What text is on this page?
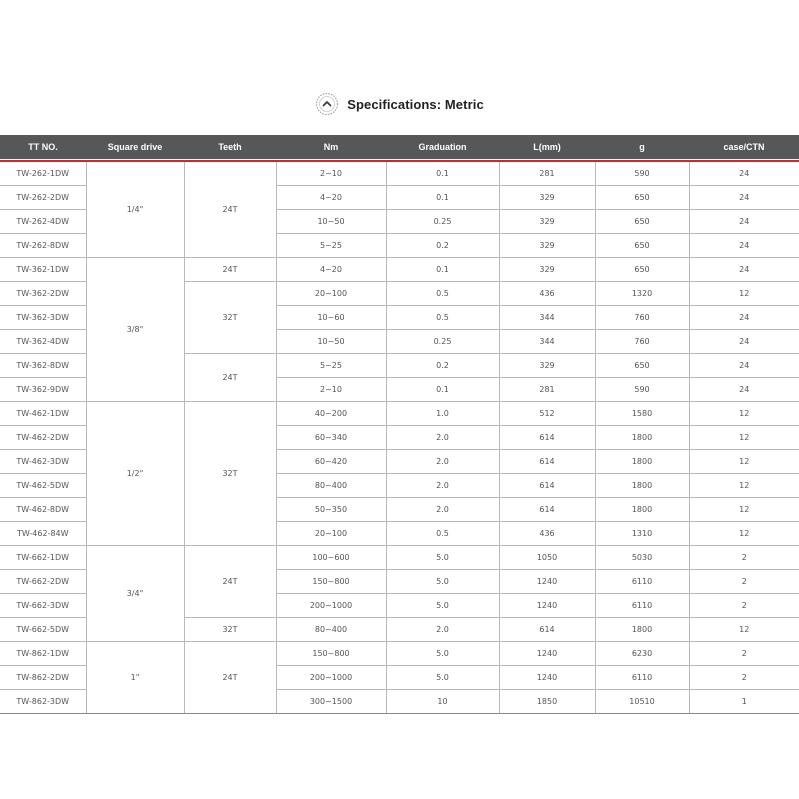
Specifications: Metric
TT NO.	Square drive	Teeth	Nm	Graduation	L(mm)	g	case/CTN

TW-262-1DW	1/4"	24T	2~10	0.1	281	590	24
TW-262-2DW			4~20	0.1	329	650	24
TW-262-4DW			10~50	0.25	329	650	24
TW-262-8DW			5~25	0.2	329	650	24
TW-362-1DW	3/8"	24T	4~20	0.1	329	650	24
TW-362-2DW		32T	20~100	0.5	436	1320	12
TW-362-3DW			10~60	0.5	344	760	24
TW-362-4DW			10~50	0.25	344	760	24
TW-362-8DW		24T	5~25	0.2	329	650	24
TW-362-9DW			2~10	0.1	281	590	24
TW-462-1DW	1/2"	32T	40~200	1.0	512	1580	12
TW-462-2DW			60~340	2.0	614	1800	12
TW-462-3DW			60~420	2.0	614	1800	12
TW-462-5DW			80~400	2.0	614	1800	12
TW-462-8DW			50~350	2.0	614	1800	12
TW-462-84W			20~100	0.5	436	1310	12
TW-662-1DW	3/4"	24T	100~600	5.0	1050	5030	2
TW-662-2DW			150~800	5.0	1240	6110	2
TW-662-3DW			200~1000	5.0	1240	6110	2
TW-662-5DW		32T	80~400	2.0	614	1800	12
TW-862-1DW	1"	24T	150~800	5.0	1240	6230	2
TW-862-2DW			200~1000	5.0	1240	6110	2
TW-862-3DW			300~1500	10	1850	10510	1
